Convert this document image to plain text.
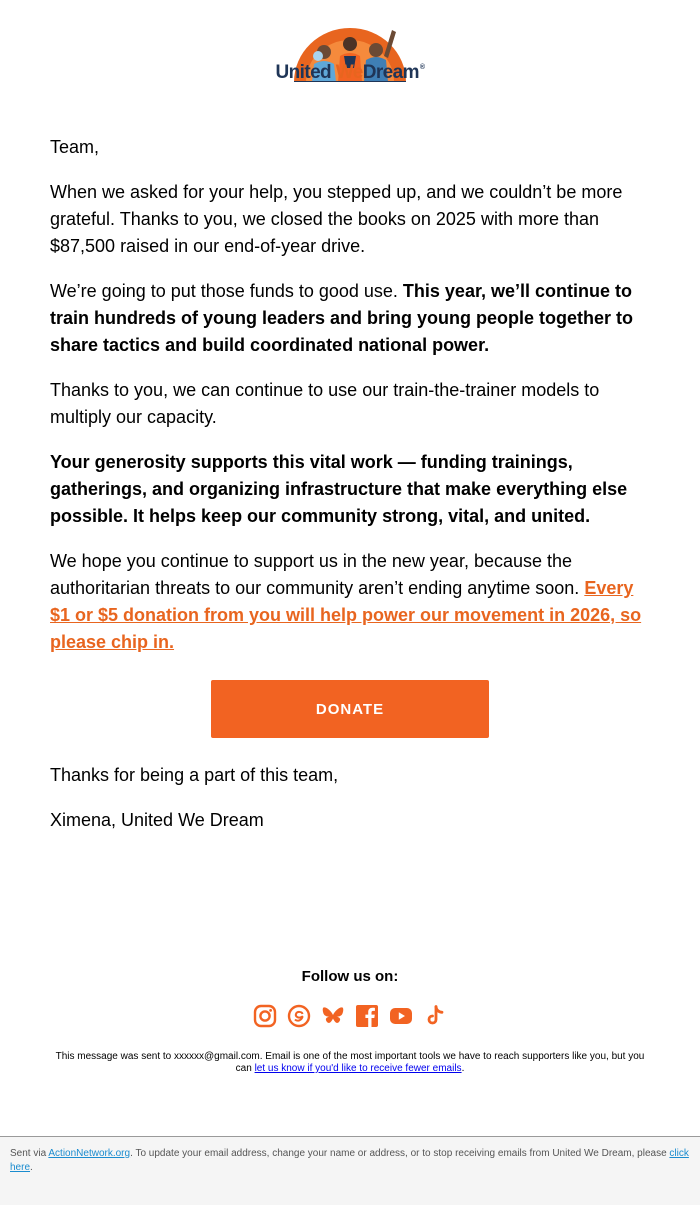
United WeDream®

Team,

When we asked for your help, you stepped up, and we couldn’t be more grateful. Thanks to you, we closed the books on 2025 with more than $87,500 raised in our end-of-year drive.

We’re going to put those funds to good use. This year, we’ll continue to train hundreds of young leaders and bring young people together to share tactics and build coordinated national power.

Thanks to you, we can continue to use our train-the-trainer models to multiply our capacity.

Your generosity supports this vital work — funding trainings, gatherings, and organizing infrastructure that make everything else possible. It helps keep our community strong, vital, and united.

We hope you continue to support us in the new year, because the authoritarian threats to our community aren’t ending anytime soon. Every $1 or $5 donation from you will help power our movement in 2026, so please chip in.

DONATE

Thanks for being a part of this team,

Ximena, United We Dream

Follow us on:
This message was sent to xxxxxx@gmail.com. Email is one of the most important tools we have to reach supporters like you, but you can let us know if you'd like to receive fewer emails.
Sent via ActionNetwork.org. To update your email address, change your name or address, or to stop receiving emails from United We Dream, please click here.
